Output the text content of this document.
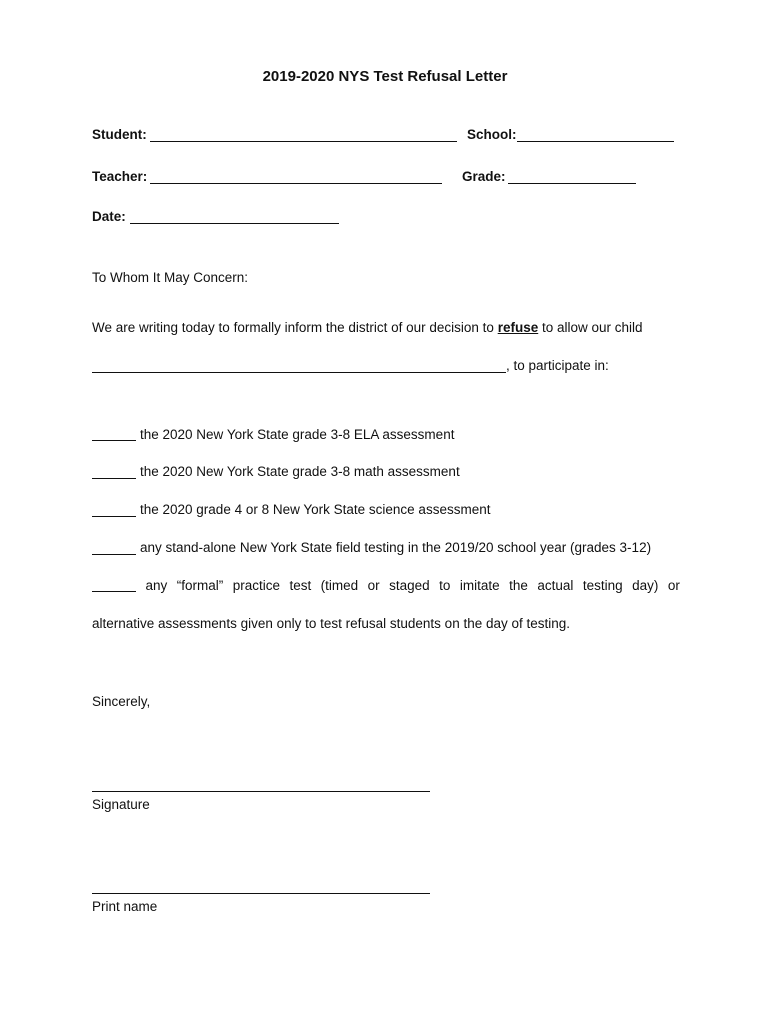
2019-2020 NYS Test Refusal Letter
Student:	School:
Teacher:	Grade:
Date:
To Whom It May Concern:
We are writing today to formally inform the district of our decision to refuse to allow our child
, to participate in:
the 2020 New York State grade 3-8 ELA assessment
the 2020 New York State grade 3-8 math assessment
the 2020 grade 4 or 8 New York State science assessment
any stand-alone New York State field testing in the 2019/20 school year (grades 3-12)
any “formal” practice test (timed or staged to imitate the actual testing day) or
alternative assessments given only to test refusal students on the day of testing.
Sincerely,
Signature
Print name
